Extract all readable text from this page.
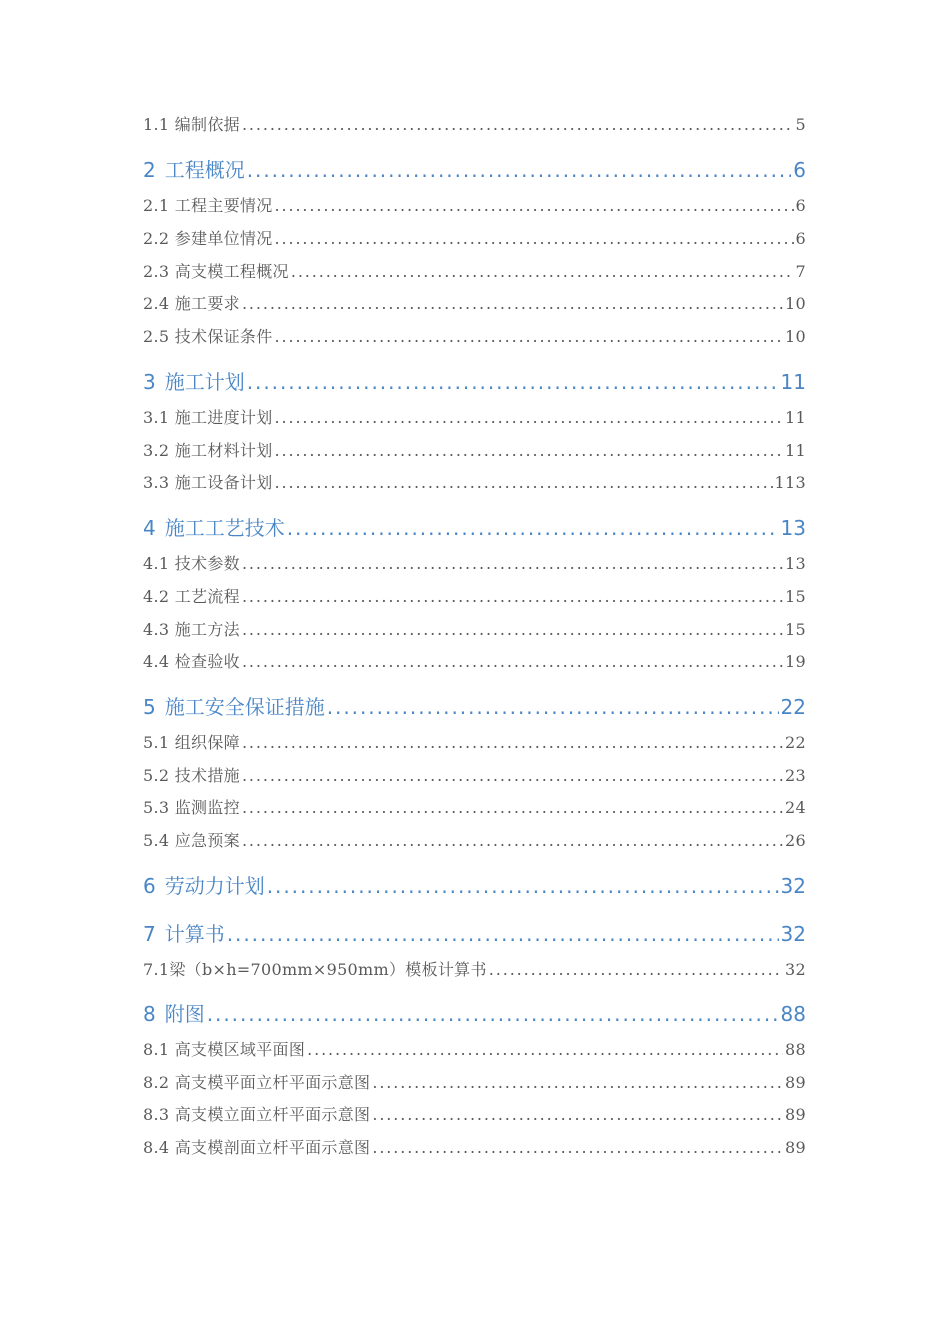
1.1 编制依据 . . .	5
2 工程概况 . . .	6
2.1 工程主要情况 . . .	6
2.2 参建单位情况 . . .	6
2.3 高支模工程概况 . . .	7
2.4 施工要求 . . .	10
2.5 技术保证条件 . . .	10
3 施工计划 . . .	11
3.1 施工进度计划 . . .	11
3.2 施工材料计划 . . .	11
3.3 施工设备计划 . . .	113
4 施工工艺技术 . . .	13
4.1 技术参数 . . .	13
4.2 工艺流程 . . .	15
4.3 施工方法 . . .	15
4.4 检查验收 . . .	19
5 施工安全保证措施 . . .	22
5.1 组织保障 . . .	22
5.2 技术措施 . . .	23
5.3 监测监控 . . .	24
5.4 应急预案 . . .	26
6 劳动力计划 . . .	32
7 计算书 . . .	32
7.1梁（b×h=700mm×950mm）模板计算书 . . .	32
8 附图 . . .	88
8.1 高支模区域平面图 . . .	88
8.2 高支模平面立杆平面示意图 . . .	89
8.3 高支模立面立杆平面示意图 . . .	89
8.4 高支模剖面立杆平面示意图 . . .	89
